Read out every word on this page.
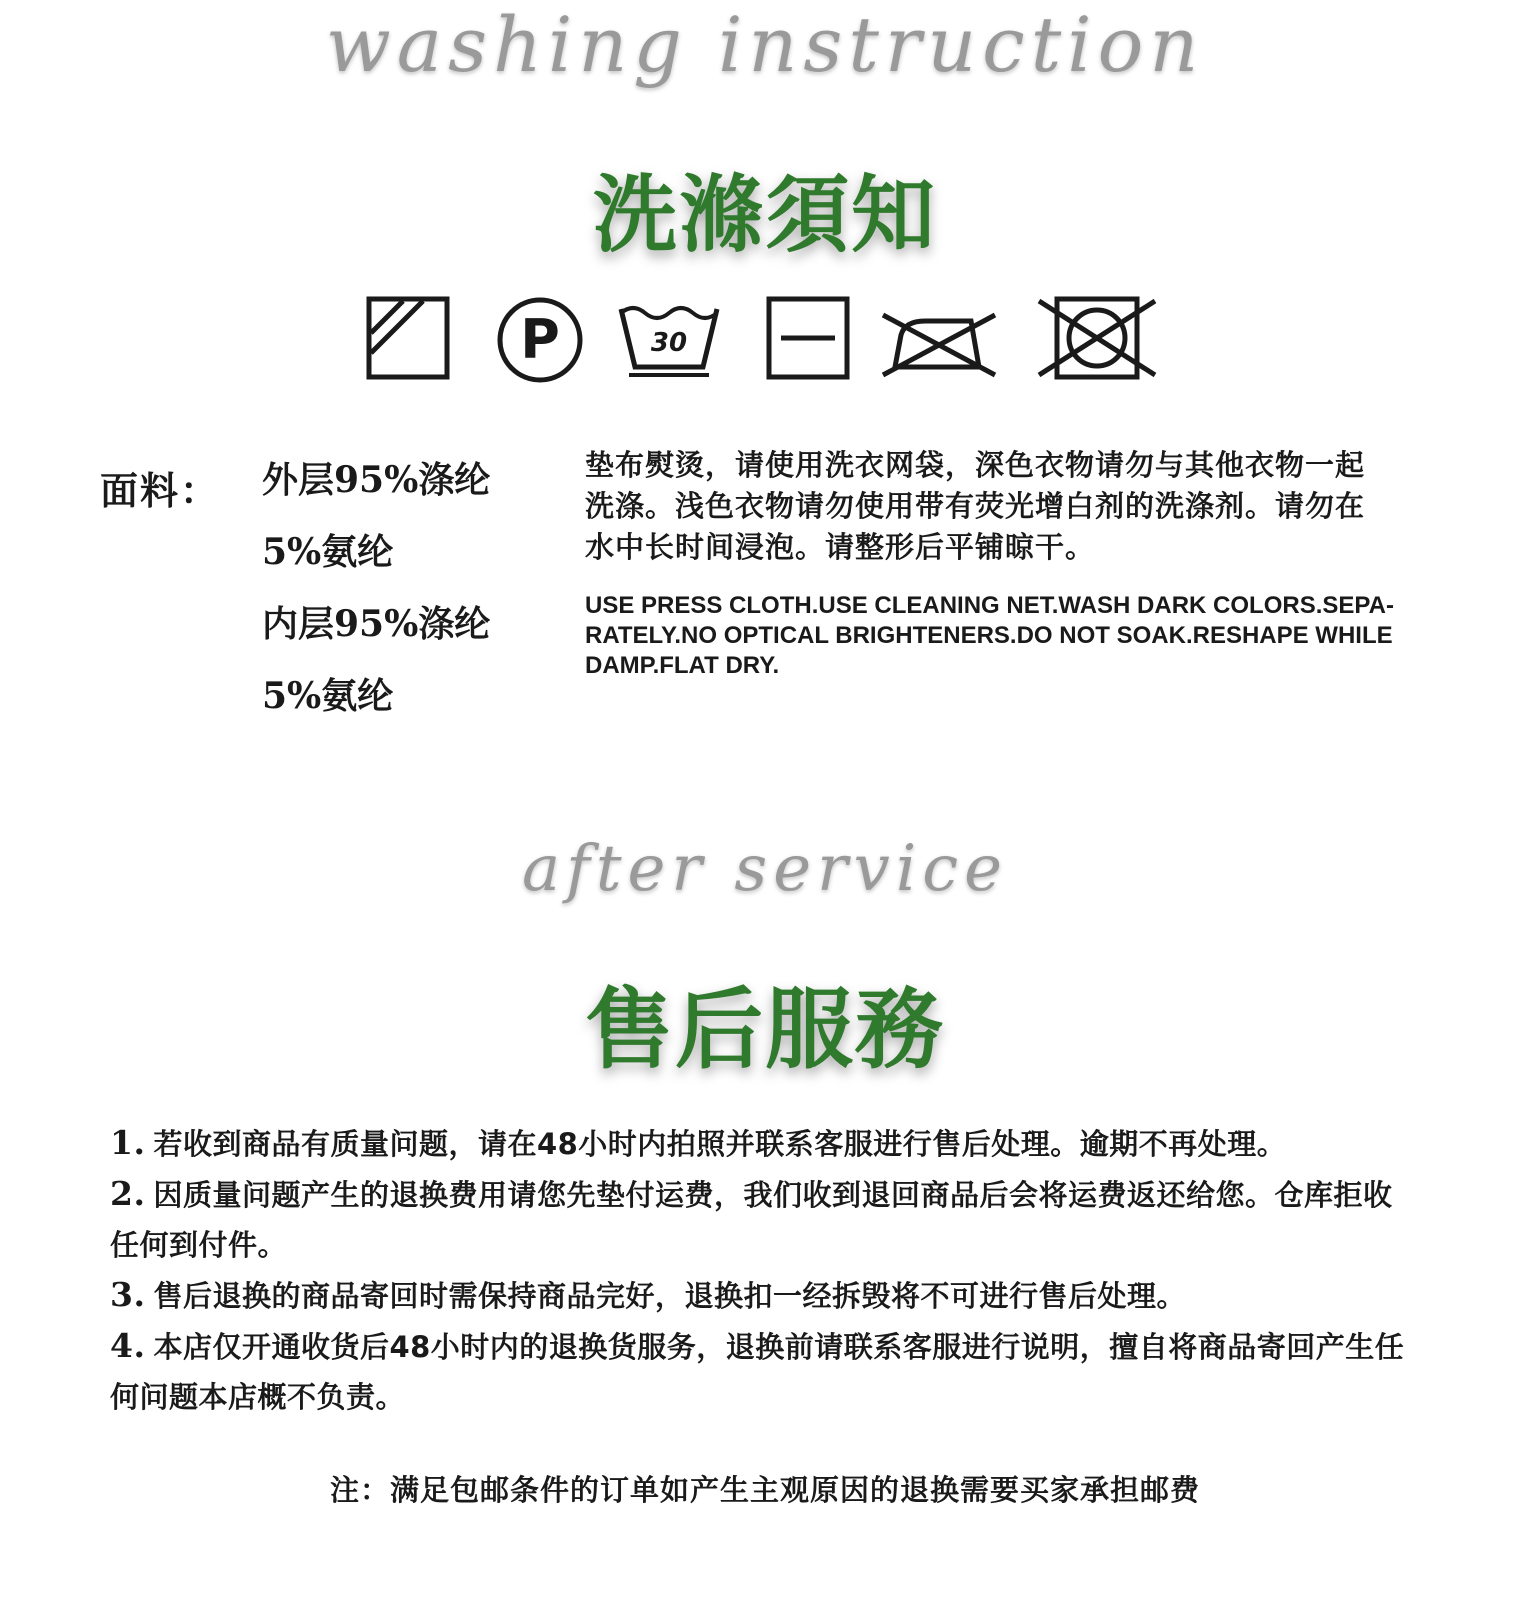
washing instruction
洗滌須知
P	30
面料： 外层95%涤纶
5%氨纶
内层95%涤纶
5%氨纶
垫布熨烫，请使用洗衣网袋，深色衣物请勿与其他衣物一起洗涤。浅色衣物请勿使用带有荧光增白剂的洗涤剂。请勿在水中长时间浸泡。请整形后平铺晾干。
USE PRESS CLOTH.USE CLEANING NET.WASH DARK COLORS.SEPA-RATELY.NO OPTICAL BRIGHTENERS.DO NOT SOAK.RESHAPE WHILE DAMP.FLAT DRY.
after service
售后服務
1. 若收到商品有质量问题，请在48小时内拍照并联系客服进行售后处理。逾期不再处理。
2. 因质量问题产生的退换费用请您先垫付运费，我们收到退回商品后会将运费返还给您。仓库拒收任何到付件。
3. 售后退换的商品寄回时需保持商品完好，退换扣一经拆毁将不可进行售后处理。
4. 本店仅开通收货后48小时内的退换货服务，退换前请联系客服进行说明，擅自将商品寄回产生任何问题本店概不负责。
注：满足包邮条件的订单如产生主观原因的退换需要买家承担邮费
